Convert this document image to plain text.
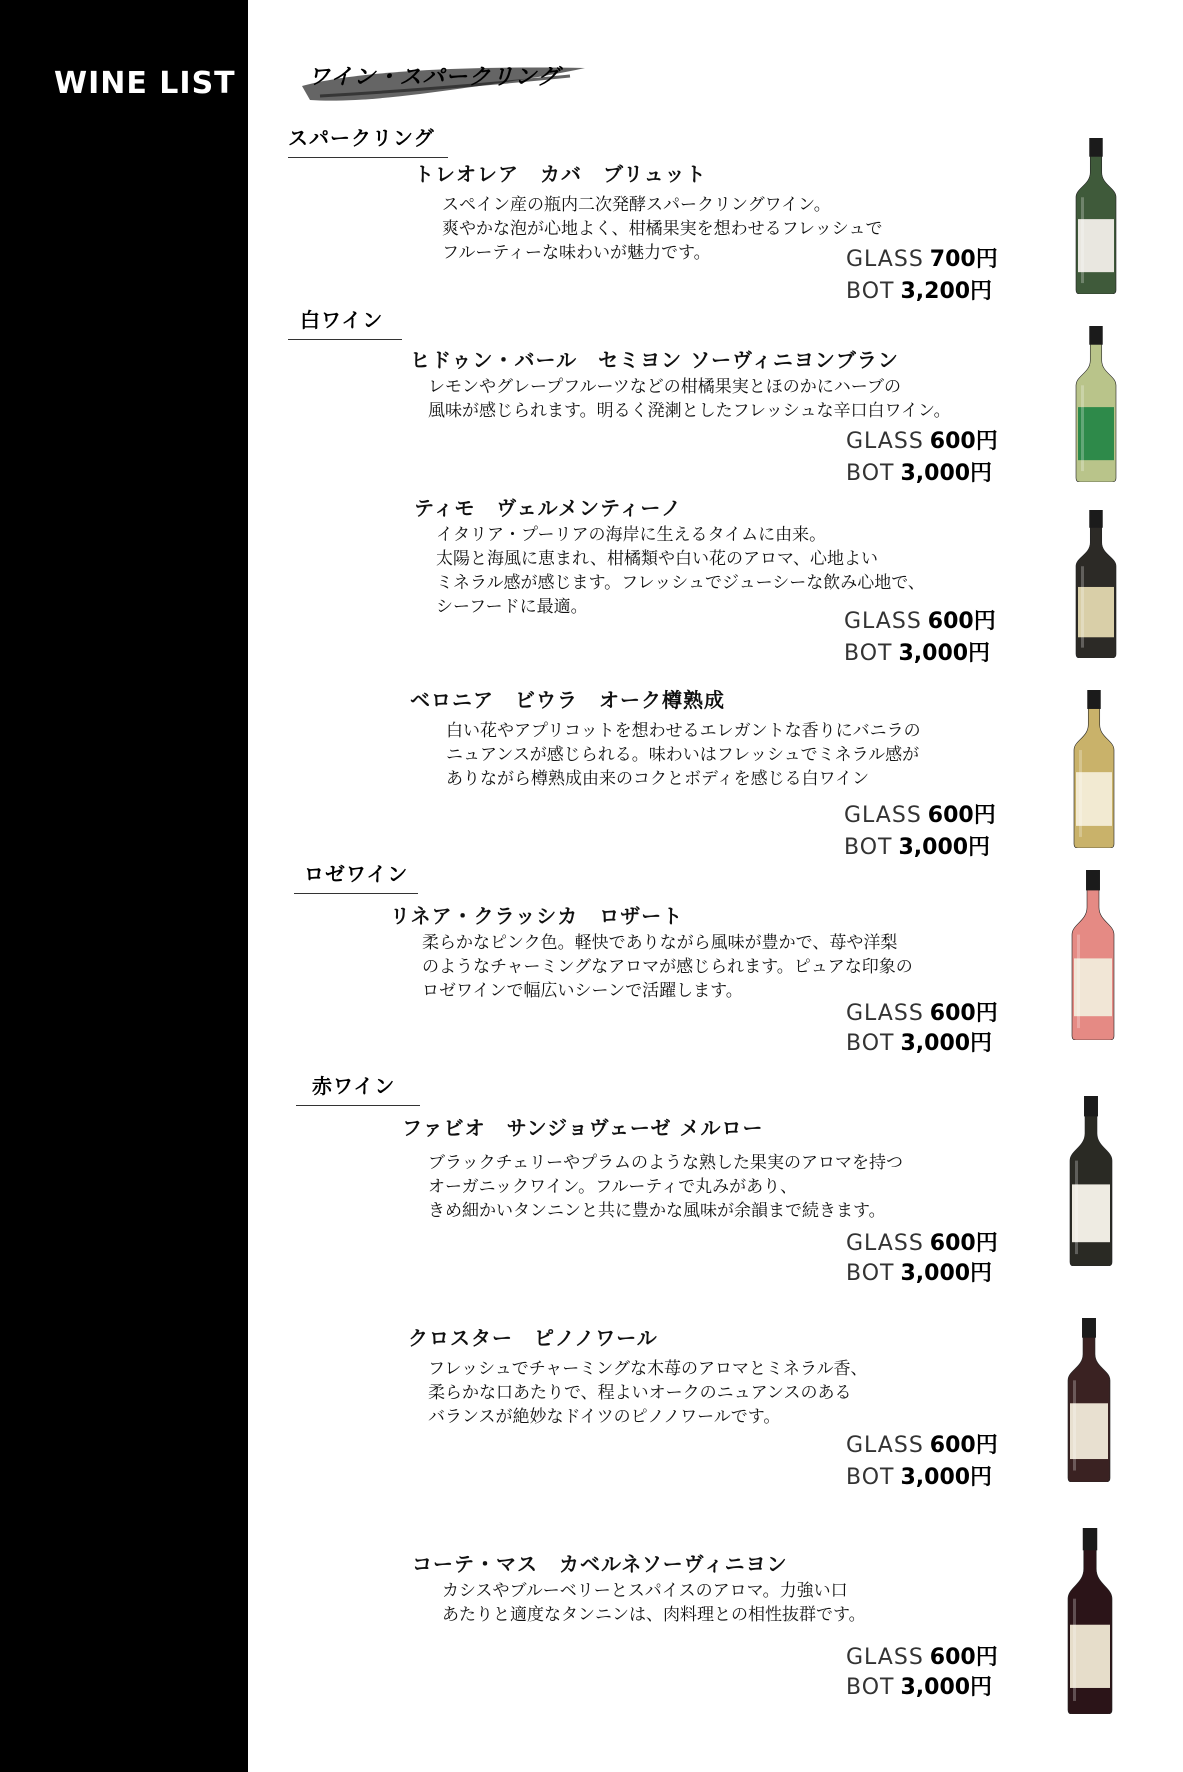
WINE LIST	ワイン・スパークリング
スパークリング
白ワイン
ロゼワイン
赤ワイン
トレオレア　カバ　ブリュット
スペイン産の瓶内二次発酵スパークリングワイン。
爽やかな泡が心地よく、柑橘果実を想わせるフレッシュで
フルーティーな味わいが魅力です。	GLASS 700円
BOT 3,200円
ヒドゥン・バール　セミヨン ソーヴィニヨンブラン
レモンやグレープフルーツなどの柑橘果実とほのかにハーブの
風味が感じられます。明るく溌溂としたフレッシュな辛口白ワイン。
GLASS 600円
BOT 3,000円
ティモ　ヴェルメンティーノ
イタリア・プーリアの海岸に生えるタイムに由来。
太陽と海風に恵まれ、柑橘類や白い花のアロマ、心地よい
ミネラル感が感じます。フレッシュでジューシーな飲み心地で、
シーフードに最適。
GLASS 600円
BOT 3,000円
ベロニア　ビウラ　オーク樽熟成
白い花やアプリコットを想わせるエレガントな香りにバニラの
ニュアンスが感じられる。味わいはフレッシュでミネラル感が
ありながら樽熟成由来のコクとボディを感じる白ワイン
GLASS 600円
BOT 3,000円
リネア・クラッシカ　ロザート
柔らかなピンク色。軽快でありながら風味が豊かで、苺や洋梨
のようなチャーミングなアロマが感じられます。ピュアな印象の
ロゼワインで幅広いシーンで活躍します。
GLASS 600円
BOT 3,000円
ファビオ　サンジョヴェーゼ メルロー
ブラックチェリーやプラムのような熟した果実のアロマを持つ
オーガニックワイン。フルーティで丸みがあり、
きめ細かいタンニンと共に豊かな風味が余韻まで続きます。
GLASS 600円
BOT 3,000円
クロスター　ピノノワール
フレッシュでチャーミングな木苺のアロマとミネラル香、
柔らかな口あたりで、程よいオークのニュアンスのある
バランスが絶妙なドイツのピノノワールです。
GLASS 600円
BOT 3,000円
コーテ・マス　カベルネソーヴィニヨン
カシスやブルーベリーとスパイスのアロマ。力強い口
あたりと適度なタンニンは、肉料理との相性抜群です。
GLASS 600円
BOT 3,000円
